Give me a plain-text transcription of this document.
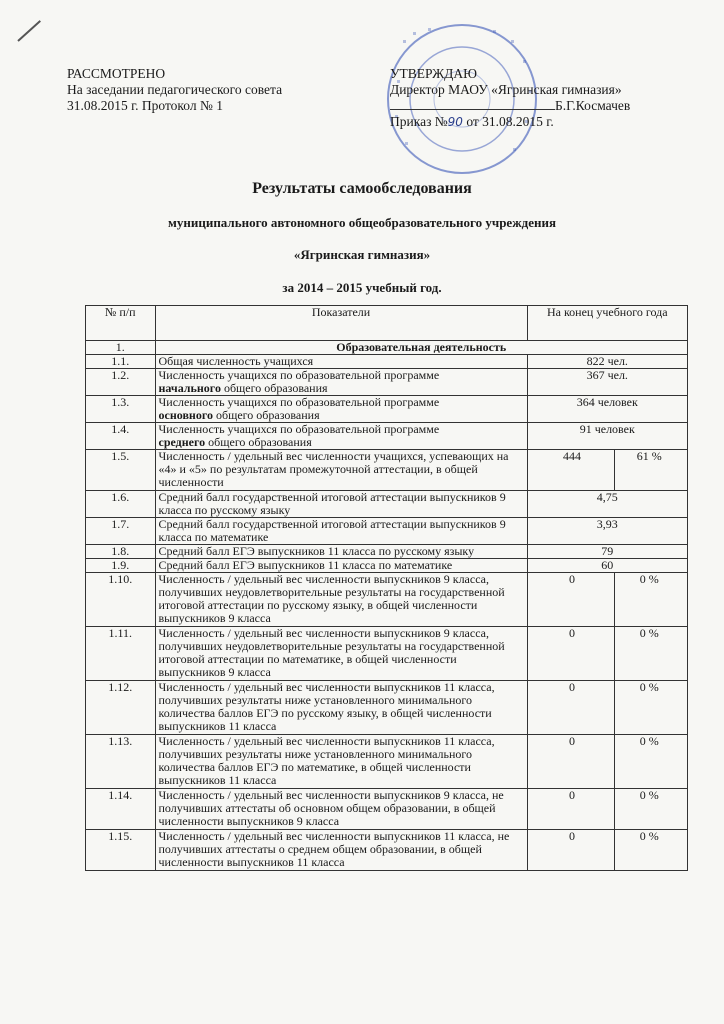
РАССМОТРЕНО
На заседании педагогического совета
31.08.2015 г. Протокол № 1
УТВЕРЖДАЮ
Директор МАОУ «Ягринская гимназия»
Б.Г.Космачев
Приказ №90 от 31.08.2015 г.
Результаты самообследования
муниципального автономного общеобразовательного учреждения
«Ягринская гимназия»
за 2014 – 2015 учебный год.
№ п/п	Показатели	На конец учебного года
1.	Образовательная деятельность	
1.1.	Общая численность учащихся	822 чел.
1.2.	Численность учащихся по образовательной программе
начального общего образования	367 чел.
1.3.	Численность учащихся по образовательной программе
основного общего образования	364 человек
1.4.	Численность учащихся по образовательной программе
среднего общего образования	91 человек
1.5.	Численность / удельный вес численности учащихся, успевающих на «4» и «5» по результатам промежуточной аттестации, в общей численности	444 61 %

1.6.	Средний балл государственной итоговой аттестации выпускников 9 класса по русскому языку	4,75
1.7.	Средний балл государственной итоговой аттестации выпускников 9 класса по математике	3,93
1.8.	Средний балл ЕГЭ выпускников 11 класса по русскому языку	79
1.9.	Средний балл ЕГЭ выпускников 11 класса по математике	60
1.10.	Численность / удельный вес численности выпускников 9 класса, получивших неудовлетворительные результаты на государственной итоговой аттестации по русскому языку, в общей численности выпускников 9 класса	0 0 %

1.11.	Численность / удельный вес численности выпускников 9 класса, получивших неудовлетворительные результаты на государственной итоговой аттестации по математике, в общей численности выпускников 9 класса	0 0 %

1.12.	Численность / удельный вес численности выпускников 11 класса, получивших результаты ниже установленного минимального количества баллов ЕГЭ по русскому языку, в общей численности выпускников 11 класса	0 0 %

1.13.	Численность / удельный вес численности выпускников 11 класса, получивших результаты ниже установленного минимального количества баллов ЕГЭ по математике, в общей численности выпускников 11 класса	0 0 %

1.14.	Численность / удельный вес численности выпускников 9 класса, не получивших аттестаты об основном общем образовании, в общей численности выпускников 9 класса	0 0 %

1.15.	Численность / удельный вес численности выпускников 11 класса, не получивших аттестаты о среднем общем образовании, в общей численности выпускников 11 класса	0 0 %
